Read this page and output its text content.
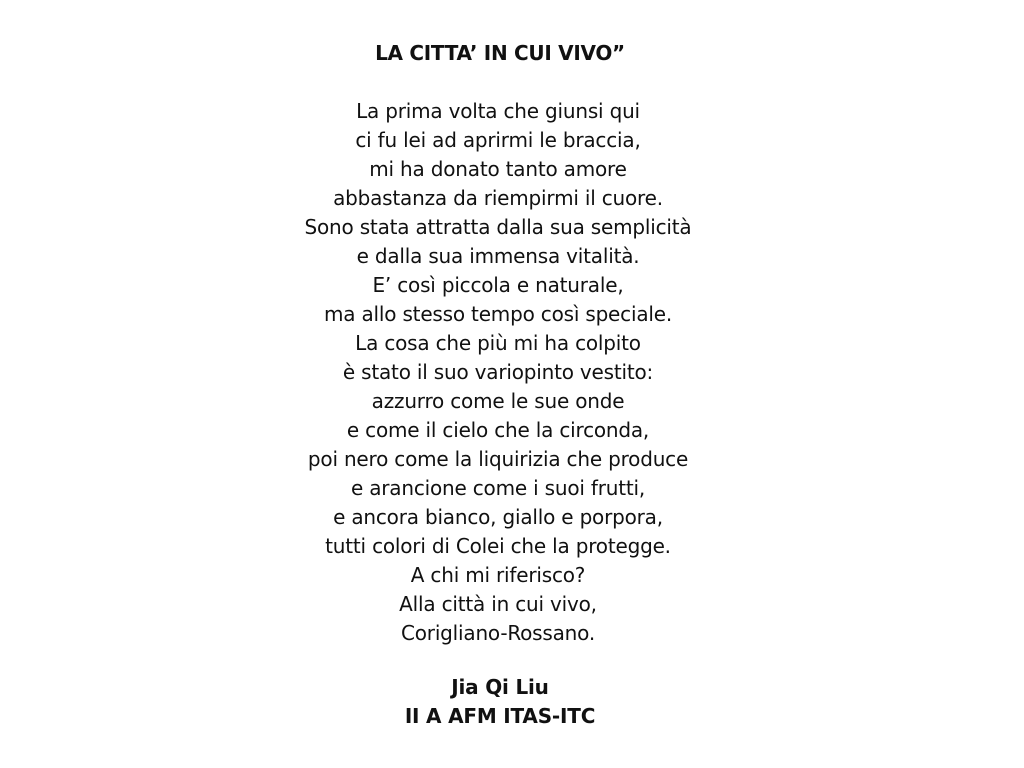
LA CITTA’ IN CUI VIVO”
La prima volta che giunsi qui
ci fu lei ad aprirmi le braccia,
mi ha donato tanto amore
abbastanza da riempirmi il cuore.
Sono stata attratta dalla sua semplicità
e dalla sua immensa vitalità.
E’ così piccola e naturale,
ma allo stesso tempo così speciale.
La cosa che più mi ha colpito
è stato il suo variopinto vestito:
azzurro come le sue onde
e come il cielo che la circonda,
poi nero come la liquirizia che produce
e arancione come i suoi frutti,
e ancora bianco, giallo e porpora,
tutti colori di Colei che la protegge.
A chi mi riferisco?
Alla città in cui vivo,
Corigliano-Rossano.
Jia Qi Liu
II A AFM ITAS-ITC
